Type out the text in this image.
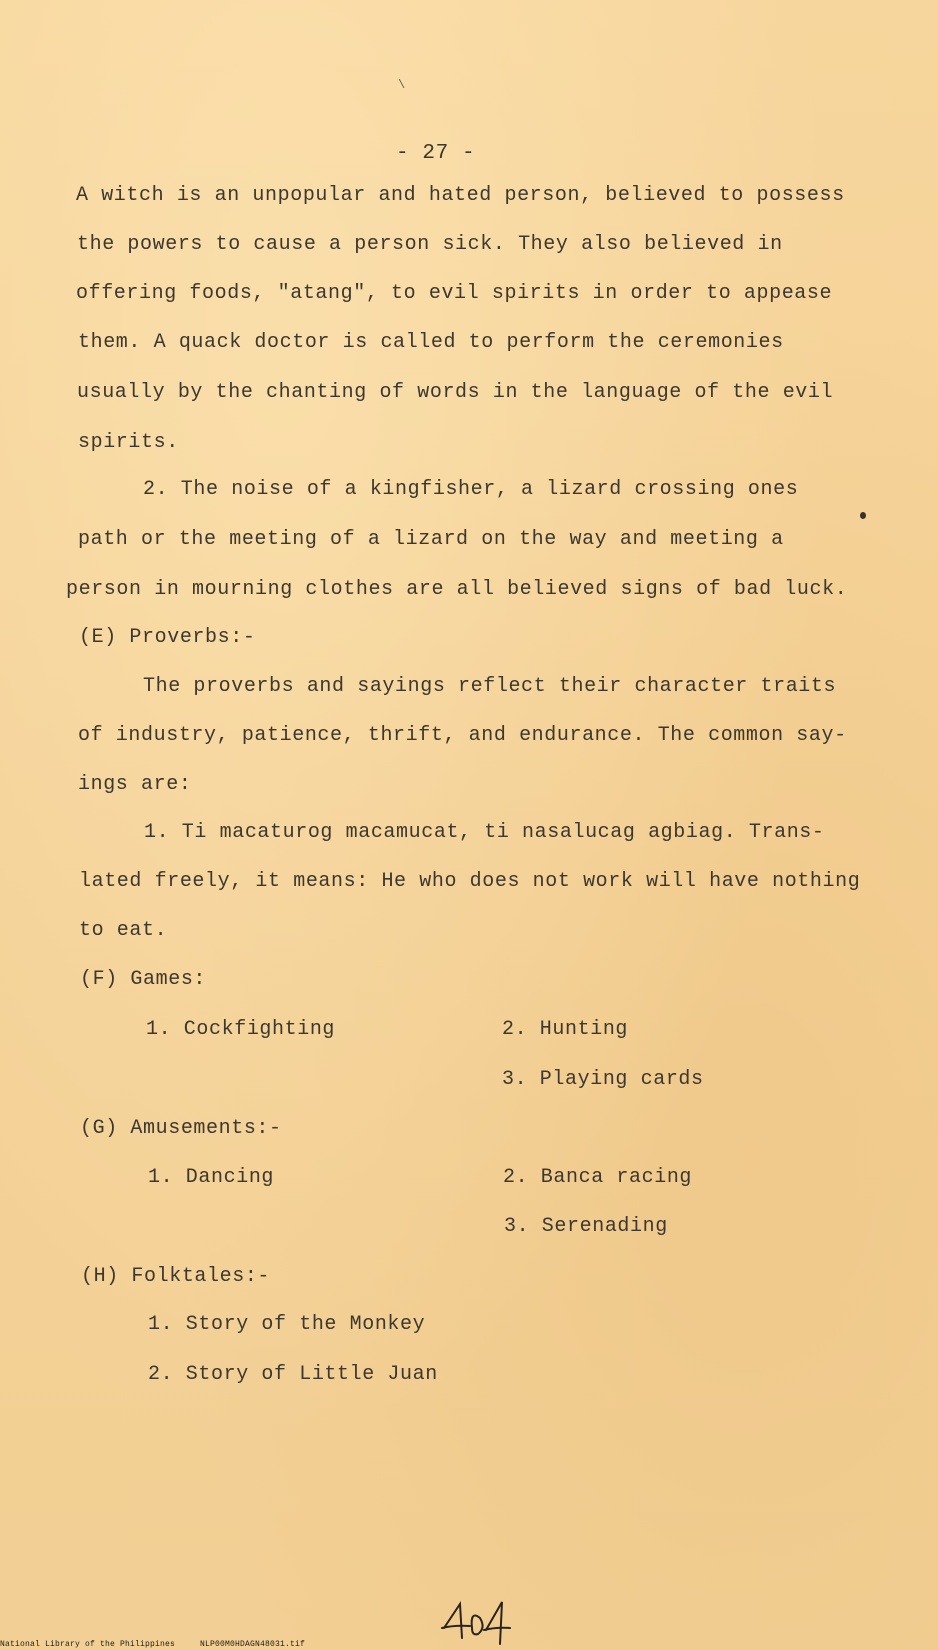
\
- 27 -
A witch is an unpopular and hated person, believed to possess
the powers to cause a person sick. They also believed in
offering foods, "atang", to evil spirits in order to appease
them. A quack doctor is called to perform the ceremonies
usually by the chanting of words in the language of the evil
spirits.
2. The noise of a kingfisher, a lizard crossing ones
path or the meeting of a lizard on the way and meeting a
person in mourning clothes are all believed signs of bad luck.
(E) Proverbs:-
The proverbs and sayings reflect their character traits
of industry, patience, thrift, and endurance. The common say-
ings are:
1. Ti macaturog macamucat, ti nasalucag agbiag. Trans-
lated freely, it means: He who does not work will have nothing
to eat.
(F) Games:
1. Cockfighting	2. Hunting
3. Playing cards
(G) Amusements:-
1. Dancing	2. Banca racing
3. Serenading
(H) Folktales:-
1. Story of the Monkey
2. Story of Little Juan
National Library of the Philippines	NLP00M0HDAGN48031.tif
